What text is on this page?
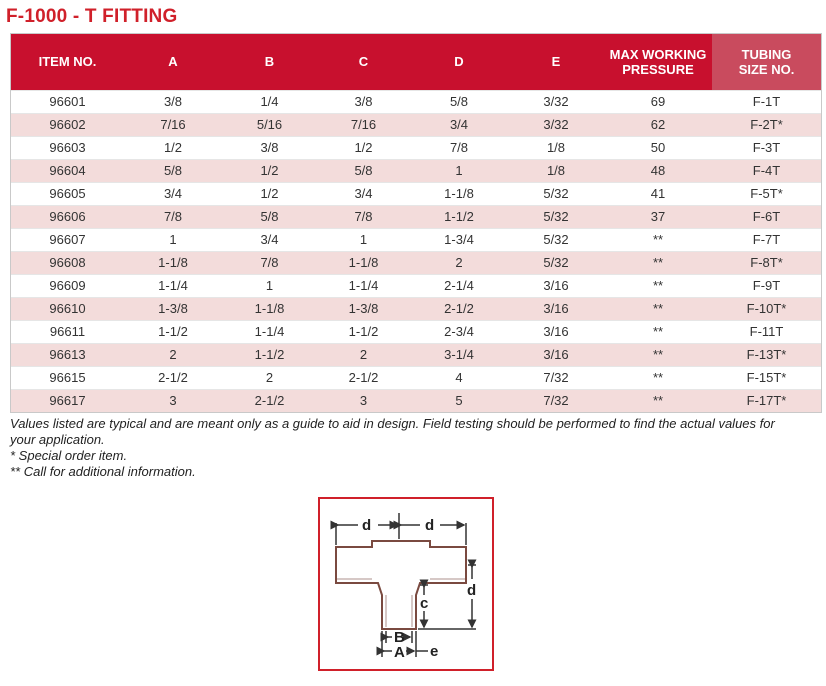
F-1000 - T FITTING
ITEM NO.	A	B	C	D	E	MAX WORKING PRESSURE	TUBING SIZE NO.
96601	3/8	1/4	3/8	5/8	3/32	69	F-1T
96602	7/16	5/16	7/16	3/4	3/32	62	F-2T*
96603	1/2	3/8	1/2	7/8	1/8	50	F-3T
96604	5/8	1/2	5/8	1	1/8	48	F-4T
96605	3/4	1/2	3/4	1-1/8	5/32	41	F-5T*
96606	7/8	5/8	7/8	1-1/2	5/32	37	F-6T
96607	1	3/4	1	1-3/4	5/32	**	F-7T
96608	1-1/8	7/8	1-1/8	2	5/32	**	F-8T*
96609	1-1/4	1	1-1/4	2-1/4	3/16	**	F-9T
96610	1-3/8	1-1/8	1-3/8	2-1/2	3/16	**	F-10T*
96611	1-1/2	1-1/4	1-1/2	2-3/4	3/16	**	F-11T
96613	2	1-1/2	2	3-1/4	3/16	**	F-13T*
96615	2-1/2	2	2-1/2	4	7/32	**	F-15T*
96617	3	2-1/2	3	5	7/32	**	F-17T*
Values listed are typical and are meant only as a guide to aid in design. Field testing should be performed to find the actual values for your application.
* Special order item.
** Call for additional information.
d	d
d
c
B
A e
